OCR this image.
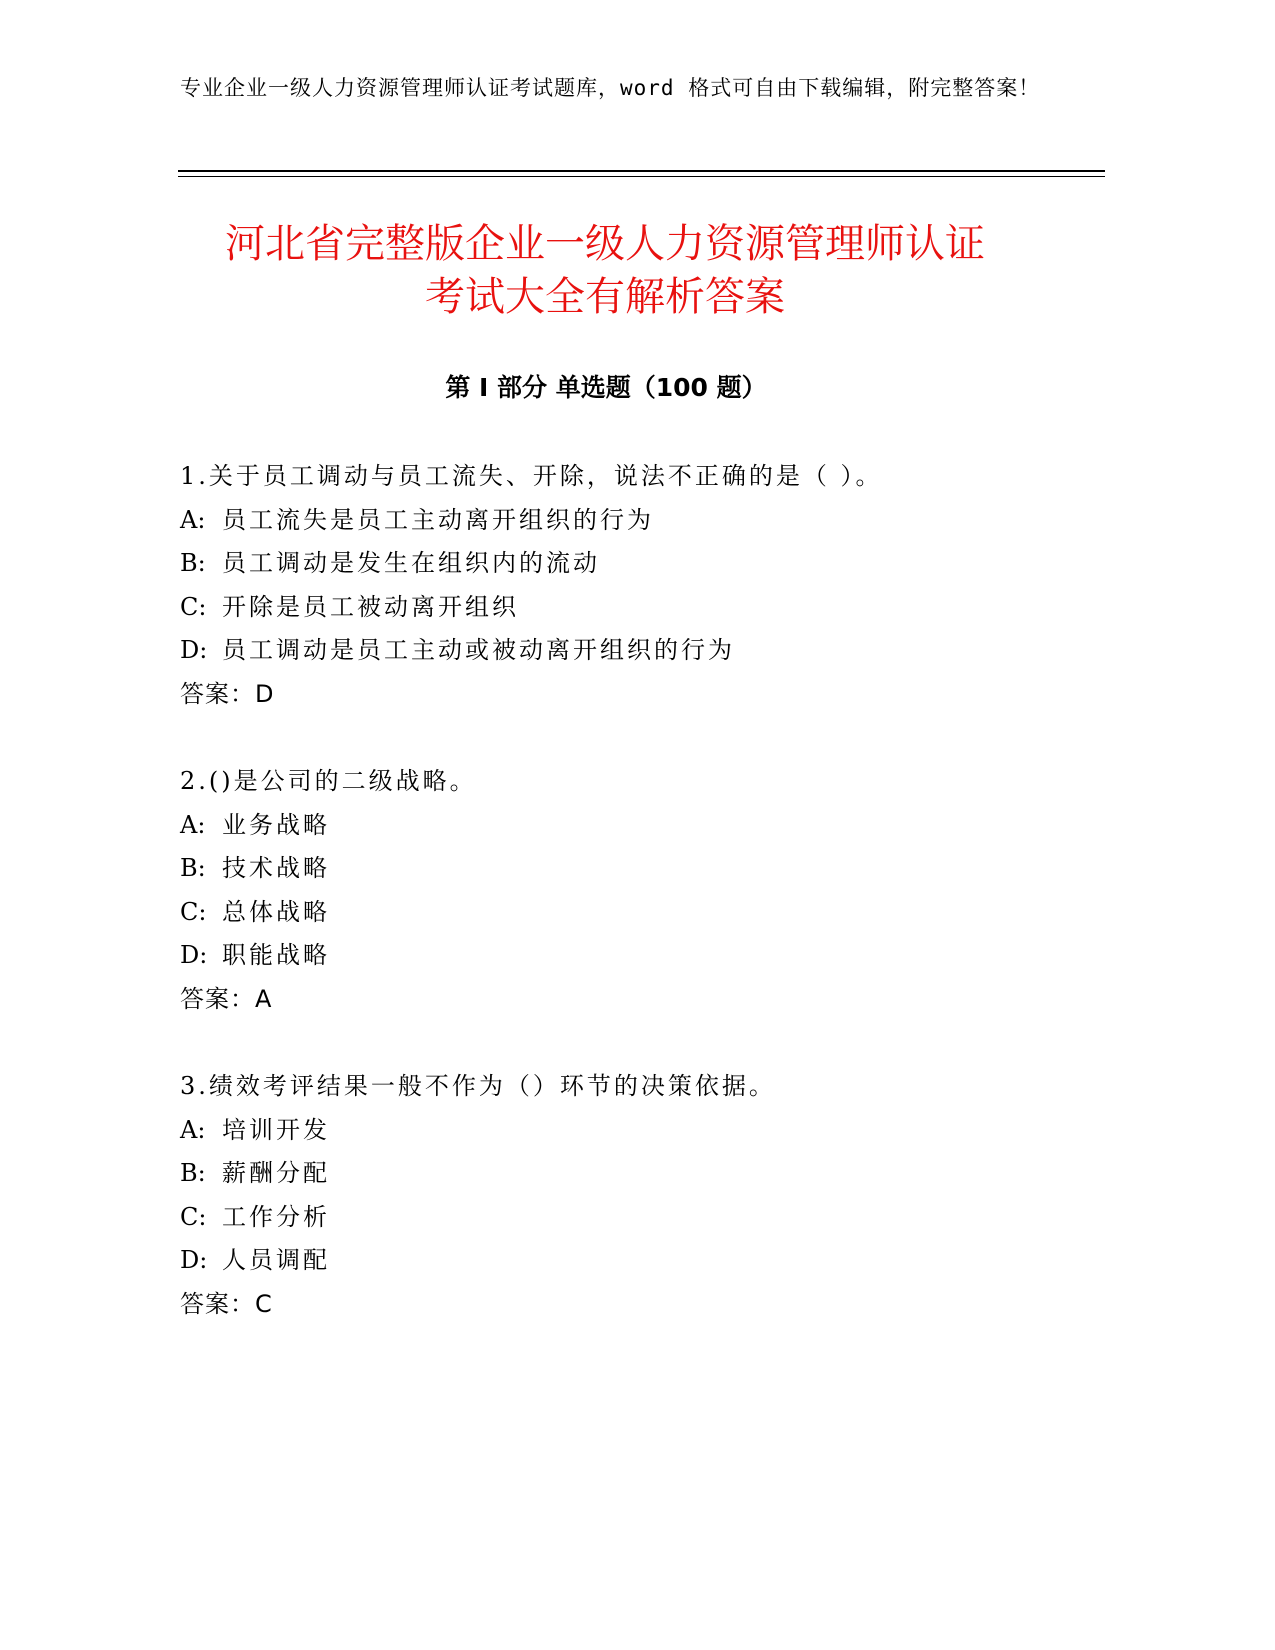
专业企业一级人力资源管理师认证考试题库，word 格式可自由下载编辑，附完整答案！

河北省完整版企业一级人力资源管理师认证
考试大全有解析答案
第 I 部分 单选题（100 题）
1.关于员工调动与员工流失、开除，说法不正确的是（ ）。
A: 员工流失是员工主动离开组织的行为
B: 员工调动是发生在组织内的流动
C: 开除是员工被动离开组织
D: 员工调动是员工主动或被动离开组织的行为
答案：D
2.()是公司的二级战略。
A: 业务战略
B: 技术战略
C: 总体战略
D: 职能战略
答案：A
3.绩效考评结果一般不作为（）环节的决策依据。
A: 培训开发
B: 薪酬分配
C: 工作分析
D: 人员调配
答案：C
